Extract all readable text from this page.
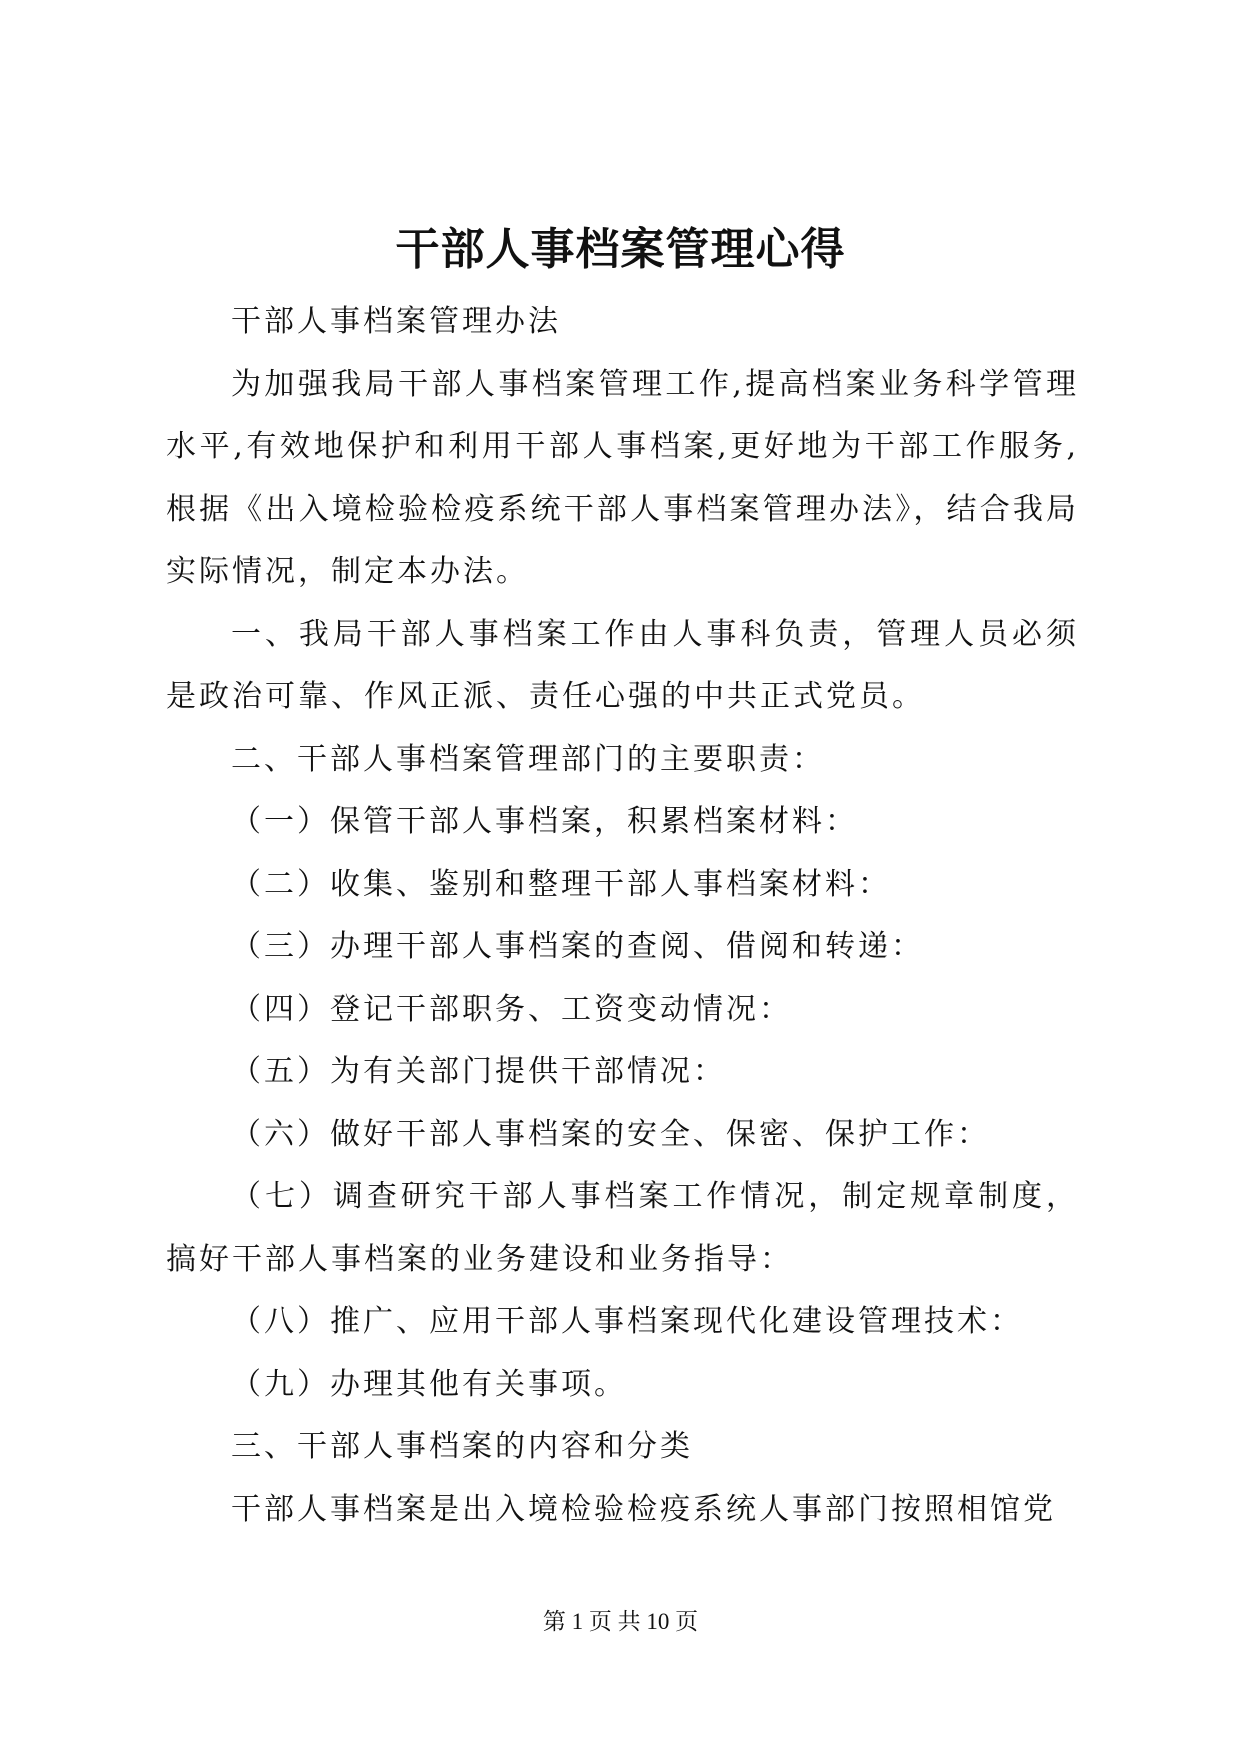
干部人事档案管理心得

干部人事档案管理办法

为加强我局干部人事档案管理工作,提高档案业务科学管理水平,有效地保护和利用干部人事档案,更好地为干部工作服务,根据《出入境检验检疫系统干部人事档案管理办法》，结合我局实际情况，制定本办法。

一、我局干部人事档案工作由人事科负责，管理人员必须是政治可靠、作风正派、责任心强的中共正式党员。

二、干部人事档案管理部门的主要职责：

（一）保管干部人事档案，积累档案材料：

（二）收集、鉴别和整理干部人事档案材料：

（三）办理干部人事档案的查阅、借阅和转递：

（四）登记干部职务、工资变动情况：

（五）为有关部门提供干部情况：

（六）做好干部人事档案的安全、保密、保护工作：

（七）调查研究干部人事档案工作情况，制定规章制度，搞好干部人事档案的业务建设和业务指导：

（八）推广、应用干部人事档案现代化建设管理技术：

（九）办理其他有关事项。

三、干部人事档案的内容和分类

干部人事档案是出入境检验检疫系统人事部门按照相馆党

第 1 页 共 10 页
